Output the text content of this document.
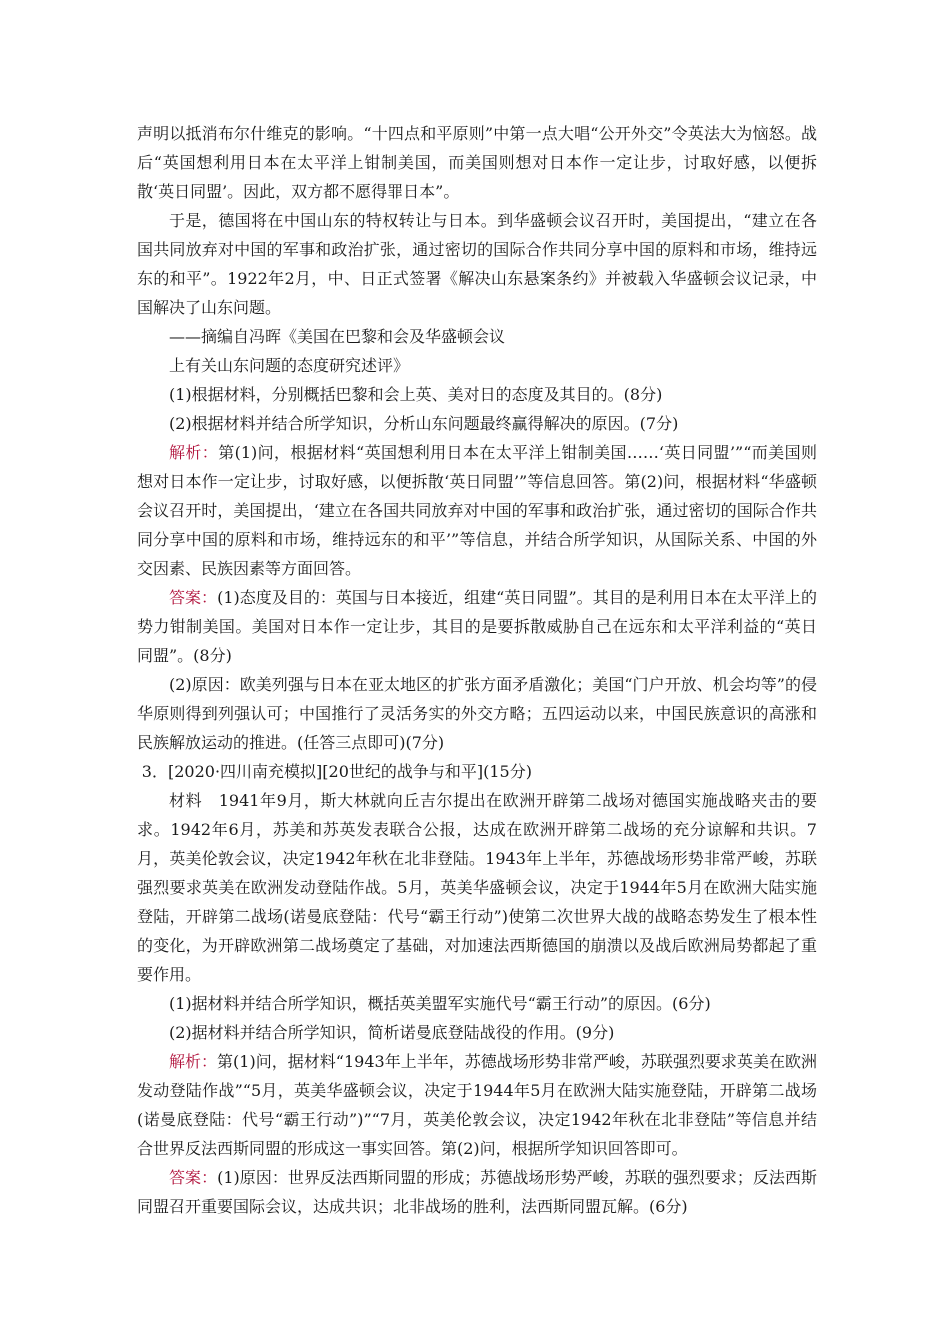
声明以抵消布尔什维克的影响。“十四点和平原则”中第一点大唱“公开外交”令英法大为恼怒。战后“英国想利用日本在太平洋上钳制美国，而美国则想对日本作一定让步，讨取好感，以便拆散‘英日同盟’。因此，双方都不愿得罪日本”。

于是，德国将在中国山东的特权转让与日本。到华盛顿会议召开时，美国提出，“建立在各国共同放弃对中国的军事和政治扩张，通过密切的国际合作共同分享中国的原料和市场，维持远东的和平”。1922年2月，中、日正式签署《解决山东悬案条约》并被载入华盛顿会议记录，中国解决了山东问题。

——摘编自冯晖《美国在巴黎和会及华盛顿会议

上有关山东问题的态度研究述评》

(1)根据材料，分别概括巴黎和会上英、美对日的态度及其目的。(8分)

(2)根据材料并结合所学知识，分析山东问题最终赢得解决的原因。(7分)

解析：第(1)问，根据材料“英国想利用日本在太平洋上钳制美国……‘英日同盟’”“而美国则想对日本作一定让步，讨取好感，以便拆散‘英日同盟’”等信息回答。第(2)问，根据材料“华盛顿会议召开时，美国提出，‘建立在各国共同放弃对中国的军事和政治扩张，通过密切的国际合作共同分享中国的原料和市场，维持远东的和平’”等信息，并结合所学知识，从国际关系、中国的外交因素、民族因素等方面回答。

答案：(1)态度及目的：英国与日本接近，组建“英日同盟”。其目的是利用日本在太平洋上的势力钳制美国。美国对日本作一定让步，其目的是要拆散威胁自己在远东和太平洋利益的“英日同盟”。(8分)

(2)原因：欧美列强与日本在亚太地区的扩张方面矛盾激化；美国“门户开放、机会均等”的侵华原则得到列强认可；中国推行了灵活务实的外交方略；五四运动以来，中国民族意识的高涨和民族解放运动的推进。(任答三点即可)(7分)

3．[2020·四川南充模拟][20世纪的战争与和平](15分)

材料　1941年9月，斯大林就向丘吉尔提出在欧洲开辟第二战场对德国实施战略夹击的要求。1942年6月，苏美和苏英发表联合公报，达成在欧洲开辟第二战场的充分谅解和共识。7月，英美伦敦会议，决定1942年秋在北非登陆。1943年上半年，苏德战场形势非常严峻，苏联强烈要求英美在欧洲发动登陆作战。5月，英美华盛顿会议，决定于1944年5月在欧洲大陆实施登陆，开辟第二战场(诺曼底登陆：代号“霸王行动”)使第二次世界大战的战略态势发生了根本性的变化，为开辟欧洲第二战场奠定了基础，对加速法西斯德国的崩溃以及战后欧洲局势都起了重要作用。

(1)据材料并结合所学知识，概括英美盟军实施代号“霸王行动”的原因。(6分)

(2)据材料并结合所学知识，简析诺曼底登陆战役的作用。(9分)

解析：第(1)问，据材料“1943年上半年，苏德战场形势非常严峻，苏联强烈要求英美在欧洲发动登陆作战”“5月，英美华盛顿会议，决定于1944年5月在欧洲大陆实施登陆，开辟第二战场(诺曼底登陆：代号“霸王行动”)”“7月，英美伦敦会议，决定1942年秋在北非登陆”等信息并结合世界反法西斯同盟的形成这一事实回答。第(2)问，根据所学知识回答即可。

答案：(1)原因：世界反法西斯同盟的形成；苏德战场形势严峻，苏联的强烈要求；反法西斯同盟召开重要国际会议，达成共识；北非战场的胜利，法西斯同盟瓦解。(6分)
